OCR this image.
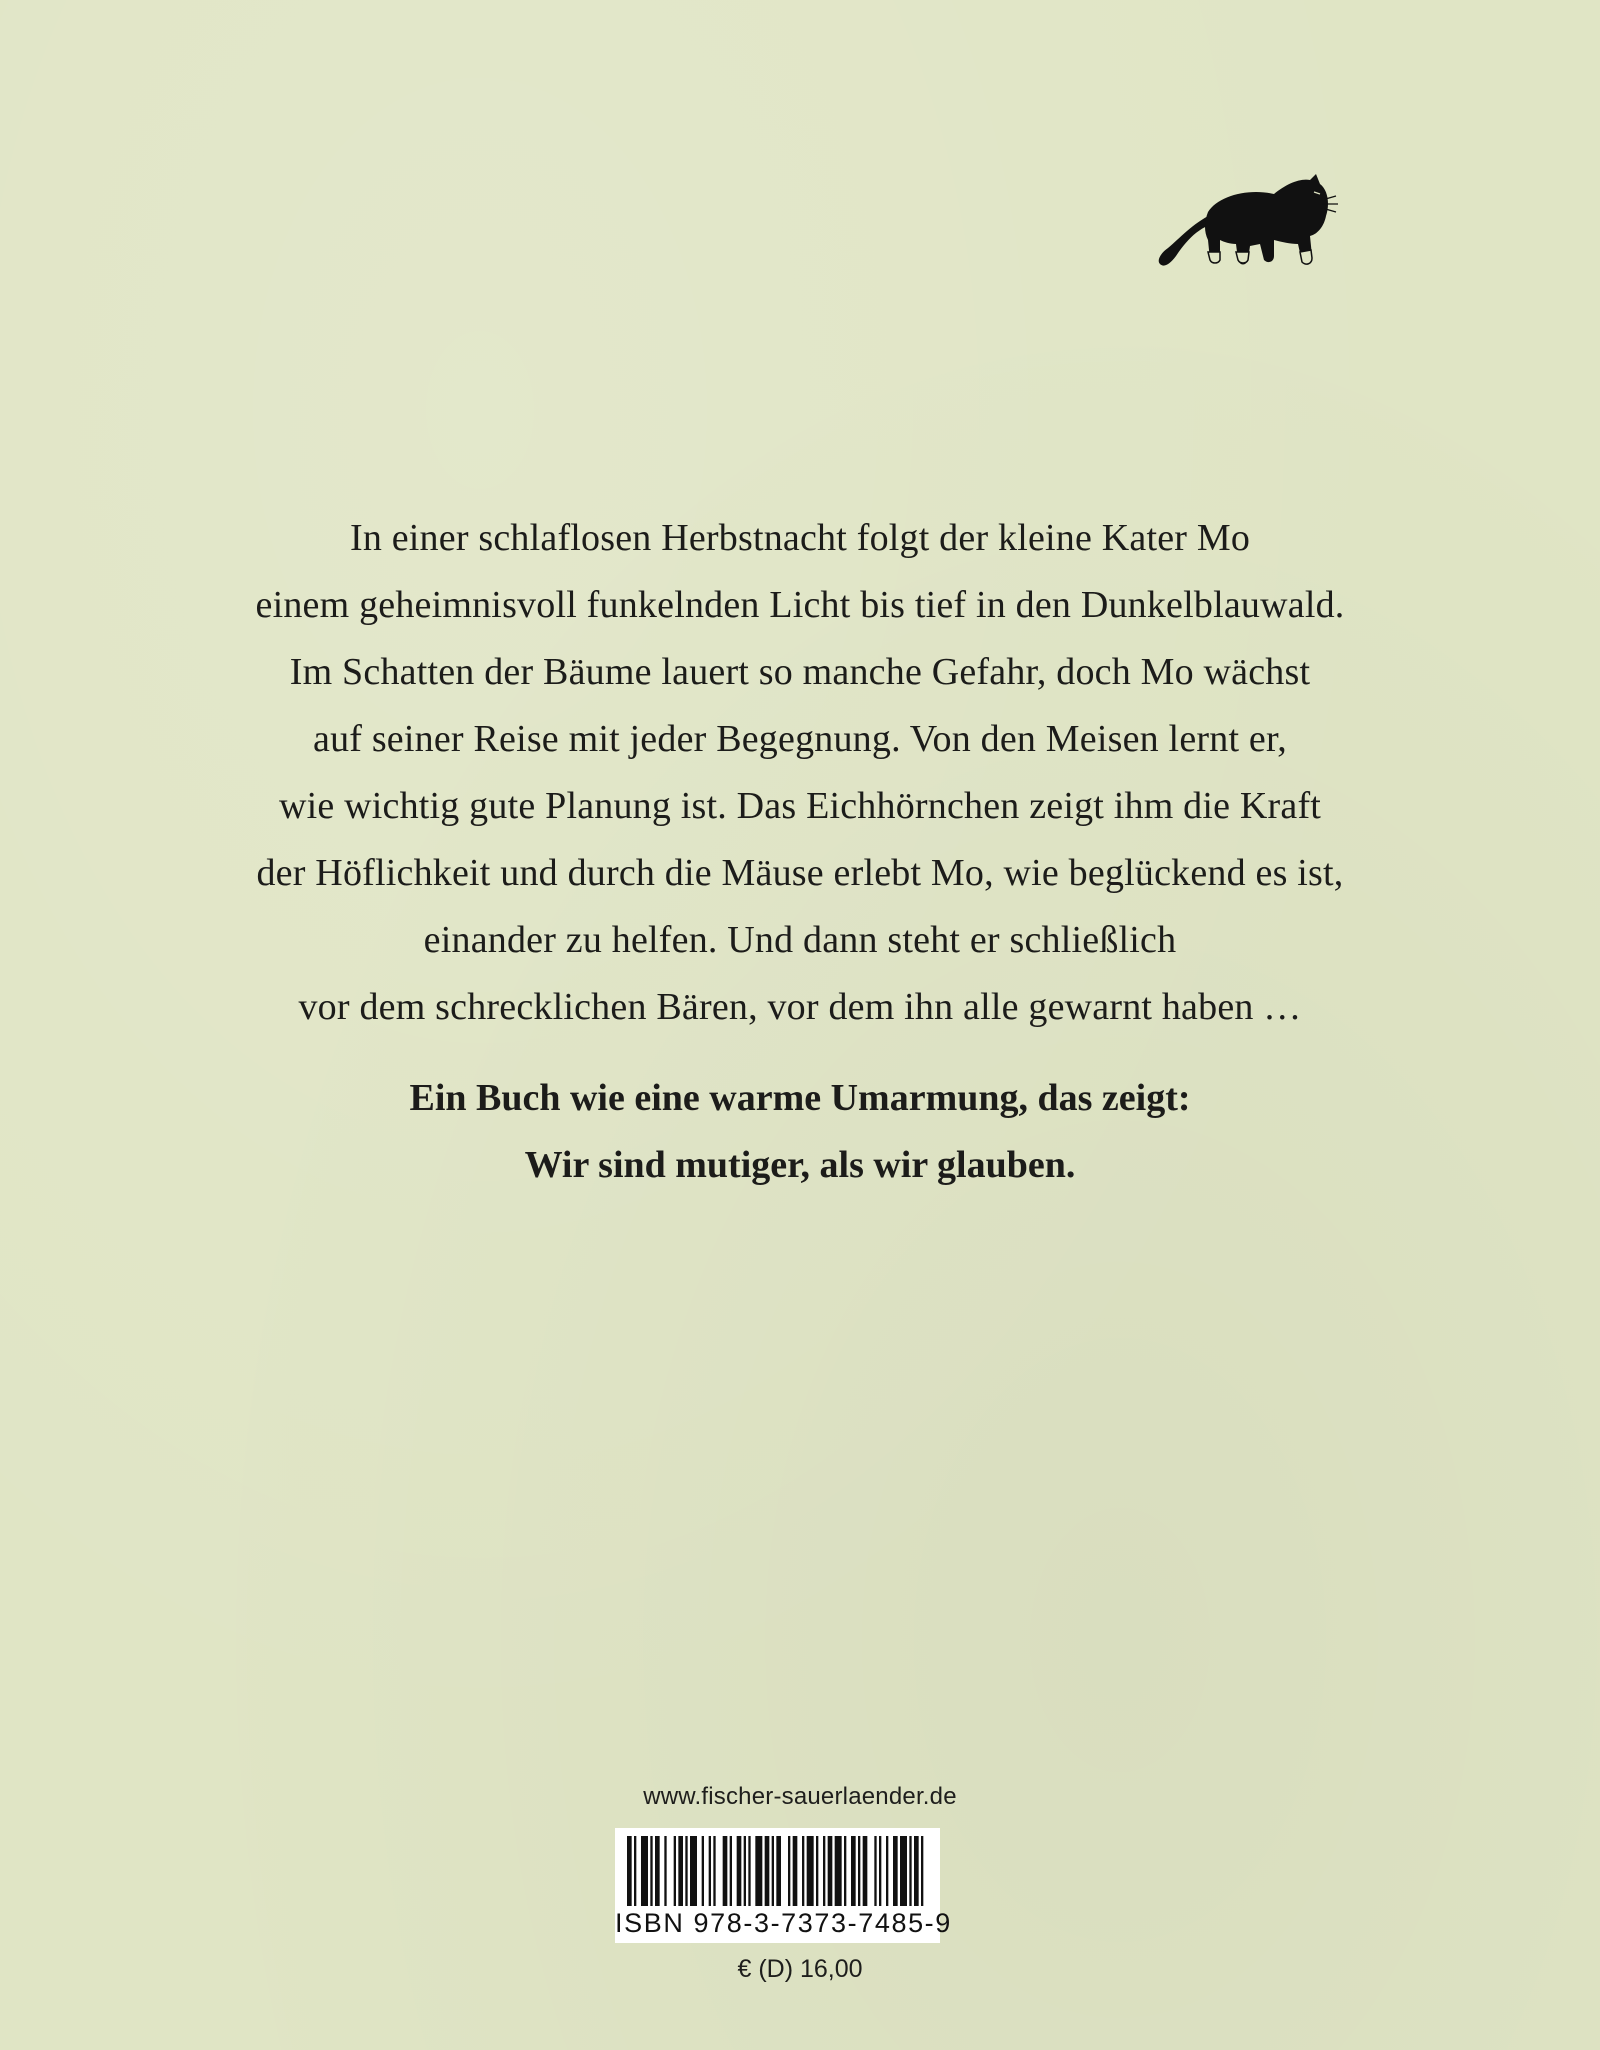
In einer schlaflosen Herbstnacht folgt der kleine Kater Mo
einem geheimnisvoll funkelnden Licht bis tief in den Dunkelblauwald.
Im Schatten der Bäume lauert so manche Gefahr, doch Mo wächst
auf seiner Reise mit jeder Begegnung. Von den Meisen lernt er,
wie wichtig gute Planung ist. Das Eichhörnchen zeigt ihm die Kraft
der Höflichkeit und durch die Mäuse erlebt Mo, wie beglückend es ist,
einander zu helfen. Und dann steht er schließlich
vor dem schrecklichen Bären, vor dem ihn alle gewarnt haben …
Ein Buch wie eine warme Umarmung, das zeigt:
Wir sind mutiger, als wir glauben.
www.fischer-sauerlaender.de
ISBN 978-3-7373-7485-9
€ (D) 16,00
